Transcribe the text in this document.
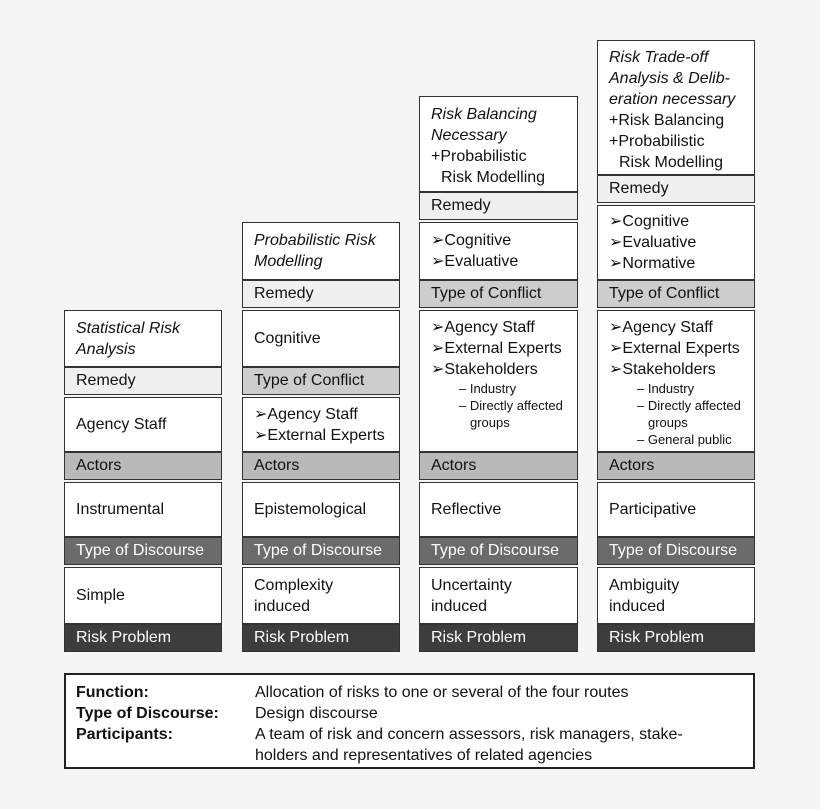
Statistical Risk
Analysis
Remedy
Agency Staff
Actors
Instrumental
Type of Discourse
Simple
Risk Problem
Probabilistic Risk
Modelling
Remedy
Cognitive
Type of Conflict
➢Agency Staff
➢External Experts
Actors
Epistemological
Type of Discourse
Complexity
induced
Risk Problem
Risk Balancing
Necessary
+Probabilistic
Risk Modelling
Remedy
➢Cognitive
➢Evaluative
Type of Conflict
➢Agency Staff
➢External Experts
➢Stakeholders
– Industry
– Directly affected
groups
Actors
Reflective
Type of Discourse
Uncertainty
induced
Risk Problem
Risk Trade-off
Analysis & Delib-
eration necessary
+Risk Balancing
+Probabilistic
Risk Modelling
Remedy
➢Cognitive
➢Evaluative
➢Normative
Type of Conflict
➢Agency Staff
➢External Experts
➢Stakeholders
– Industry
– Directly affected
groups
– General public
Actors
Participative
Type of Discourse
Ambiguity
induced
Risk Problem
Function:	Allocation of risks to one or several of the four routes
Type of Discourse: Design discourse
Participants:	A team of risk and concern assessors, risk managers, stake-
holders and representatives of related agencies
